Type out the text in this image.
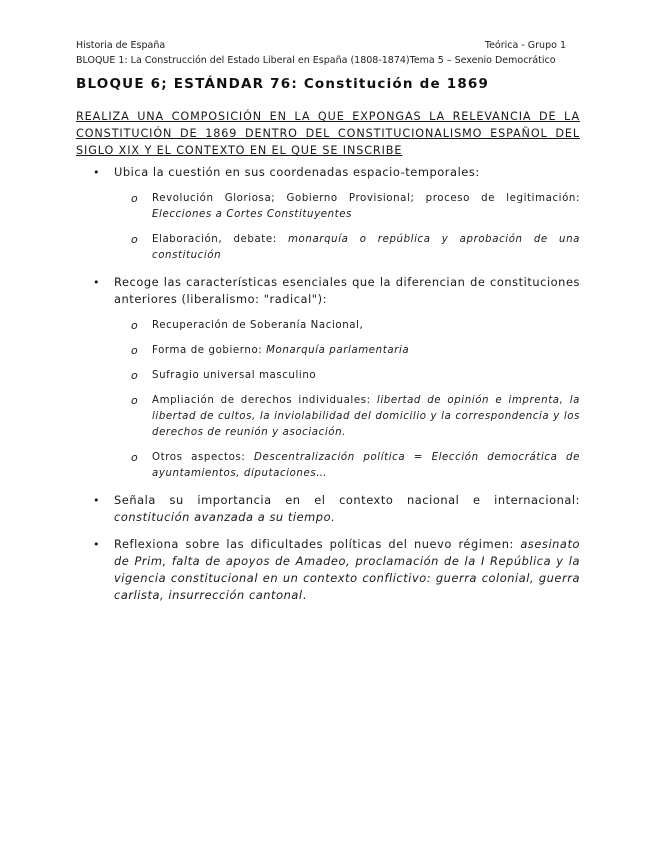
Historia de España	Teórica - Grupo 1
BLOQUE 1: La Construcción del Estado Liberal en España (1808-1874)Tema 5 – Sexenio Democrático
BLOQUE 6; ESTÁNDAR 76: Constitución de 1869
REALIZA UNA COMPOSICIÓN EN LA QUE EXPONGAS LA RELEVANCIA DE LA CONSTITUCIÓN DE 1869 DENTRO DEL CONSTITUCIONALISMO ESPAÑOL DEL SIGLO XIX Y EL CONTEXTO EN EL QUE SE INSCRIBE
• Ubica la cuestión en sus coordenadas espacio-temporales:
o Revolución Gloriosa; Gobierno Provisional; proceso de legitimación: Elecciones a Cortes Constituyentes
o Elaboración, debate: monarquía o república y aprobación de una constitución
• Recoge las características esenciales que la diferencian de constituciones anteriores (liberalismo: "radical"):
o Recuperación de Soberanía Nacional,
o Forma de gobierno: Monarquía parlamentaria
o Sufragio universal masculino
o Ampliación de derechos individuales: libertad de opinión e imprenta, la libertad de cultos, la inviolabilidad del domicilio y la correspondencia y los derechos de reunión y asociación.
o Otros aspectos: Descentralización política = Elección democrática de ayuntamientos, diputaciones…
• Señala su importancia en el contexto nacional e internacional: constitución avanzada a su tiempo.
• Reflexiona sobre las dificultades políticas del nuevo régimen: asesinato de Prim, falta de apoyos de Amadeo, proclamación de la I República y la vigencia constitucional en un contexto conflictivo: guerra colonial, guerra carlista, insurrección cantonal.
